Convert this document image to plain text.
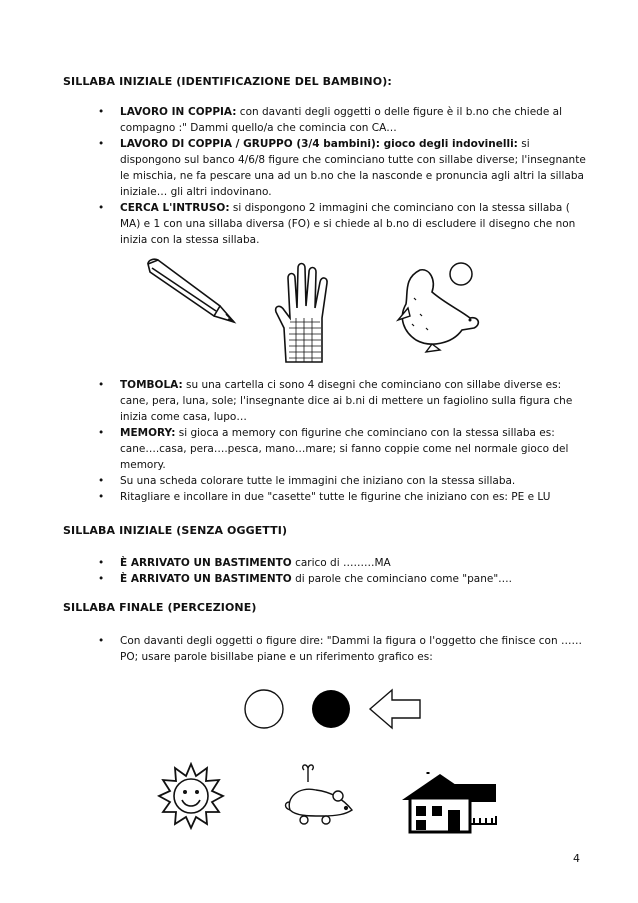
SILLABA INIZIALE (IDENTIFICAZIONE DEL BAMBINO):
• LAVORO IN COPPIA: con davanti degli oggetti o delle figure è il b.no che chiede al compagno :" Dammi quello/a che comincia con CA…
• LAVORO DI COPPIA / GRUPPO (3/4 bambini): gioco degli indovinelli: si dispongono sul banco 4/6/8 figure che cominciano tutte con sillabe diverse; l'insegnante le mischia, ne fa pescare una ad un b.no che la nasconde e pronuncia agli altri la sillaba iniziale… gli altri indovinano.
• CERCA L'INTRUSO: si dispongono 2 immagini che cominciano con la stessa sillaba ( MA) e 1 con una sillaba diversa (FO) e si chiede al b.no di escludere il disegno che non inizia con la stessa sillaba.
• TOMBOLA: su una cartella ci sono 4 disegni che cominciano con sillabe diverse es: cane, pera, luna, sole; l'insegnante dice ai b.ni di mettere un fagiolino sulla figura che inizia come casa, lupo…
• MEMORY: si gioca a memory con figurine che cominciano con la stessa sillaba es: cane….casa, pera….pesca, mano…mare; si fanno coppie come nel normale gioco del memory.
• Su una scheda colorare tutte le immagini che iniziano con la stessa sillaba.
• Ritagliare e incollare in due "casette" tutte le figurine che iniziano con es: PE e LU
SILLABA INIZIALE (SENZA OGGETTI)
• È ARRIVATO UN BASTIMENTO carico di ………MA
• È ARRIVATO UN BASTIMENTO di parole che cominciano come "pane"….
SILLABA FINALE (PERCEZIONE)
• Con davanti degli oggetti o figure dire: "Dammi la figura o l'oggetto che finisce con ……PO; usare parole bisillabe piane e un riferimento grafico es:
4
